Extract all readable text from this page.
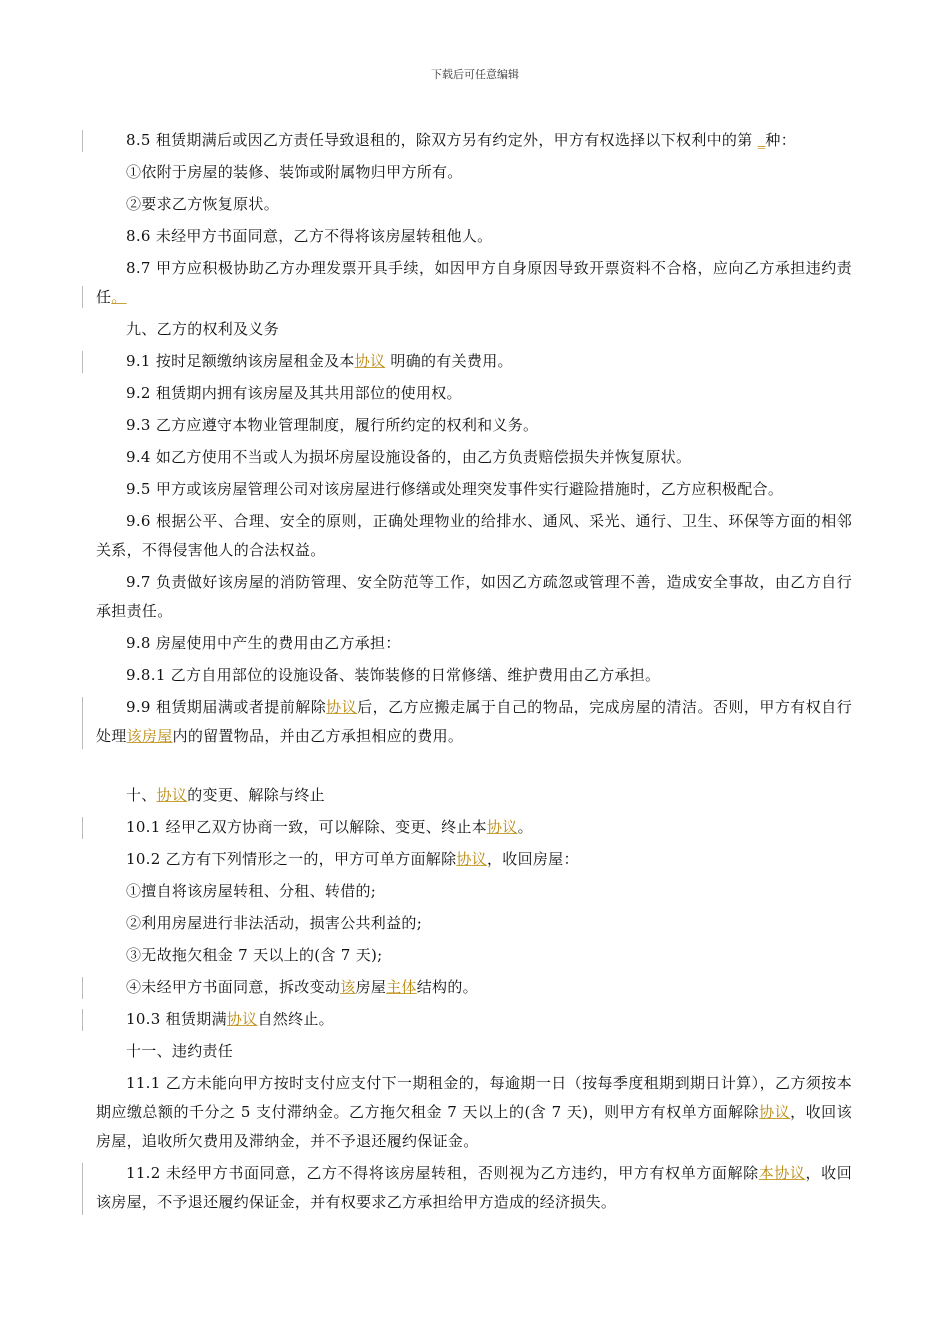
下载后可任意编辑

8.5 租赁期满后或因乙方责任导致退租的，除双方另有约定外，甲方有权选择以下权利中的第 _种：

①依附于房屋的装修、装饰或附属物归甲方所有。

②要求乙方恢复原状。

8.6 未经甲方书面同意，乙方不得将该房屋转租他人。

8.7 甲方应积极协助乙方办理发票开具手续，如因甲方自身原因导致开票资料不合格，应向乙方承担违约责任。

九、乙方的权利及义务

9.1 按时足额缴纳该房屋租金及本协议 明确的有关费用。

9.2 租赁期内拥有该房屋及其共用部位的使用权。

9.3 乙方应遵守本物业管理制度，履行所约定的权利和义务。

9.4 如乙方使用不当或人为损坏房屋设施设备的，由乙方负责赔偿损失并恢复原状。

9.5 甲方或该房屋管理公司对该房屋进行修缮或处理突发事件实行避险措施时，乙方应积极配合。

9.6 根据公平、合理、安全的原则，正确处理物业的给排水、通风、采光、通行、卫生、环保等方面的相邻关系，不得侵害他人的合法权益。

9.7 负责做好该房屋的消防管理、安全防范等工作，如因乙方疏忽或管理不善，造成安全事故，由乙方自行承担责任。

9.8 房屋使用中产生的费用由乙方承担：

9.8.1 乙方自用部位的设施设备、装饰装修的日常修缮、维护费用由乙方承担。

9.9 租赁期届满或者提前解除协议后，乙方应搬走属于自己的物品，完成房屋的清洁。否则，甲方有权自行处理该房屋内的留置物品，并由乙方承担相应的费用。

十、协议的变更、解除与终止

10.1 经甲乙双方协商一致，可以解除、变更、终止本协议。

10.2 乙方有下列情形之一的，甲方可单方面解除协议，收回房屋：

①擅自将该房屋转租、分租、转借的;

②利用房屋进行非法活动，损害公共利益的;

③无故拖欠租金 7 天以上的(含 7 天);

④未经甲方书面同意，拆改变动该房屋主体结构的。

10.3 租赁期满协议自然终止。

十一、违约责任

11.1 乙方未能向甲方按时支付应支付下一期租金的，每逾期一日（按每季度租期到期日计算），乙方须按本期应缴总额的千分之 5 支付滞纳金。乙方拖欠租金 7 天以上的(含 7 天)，则甲方有权单方面解除协议，收回该房屋，追收所欠费用及滞纳金，并不予退还履约保证金。

11.2 未经甲方书面同意，乙方不得将该房屋转租，否则视为乙方违约，甲方有权单方面解除本协议，收回该房屋，不予退还履约保证金，并有权要求乙方承担给甲方造成的经济损失。
